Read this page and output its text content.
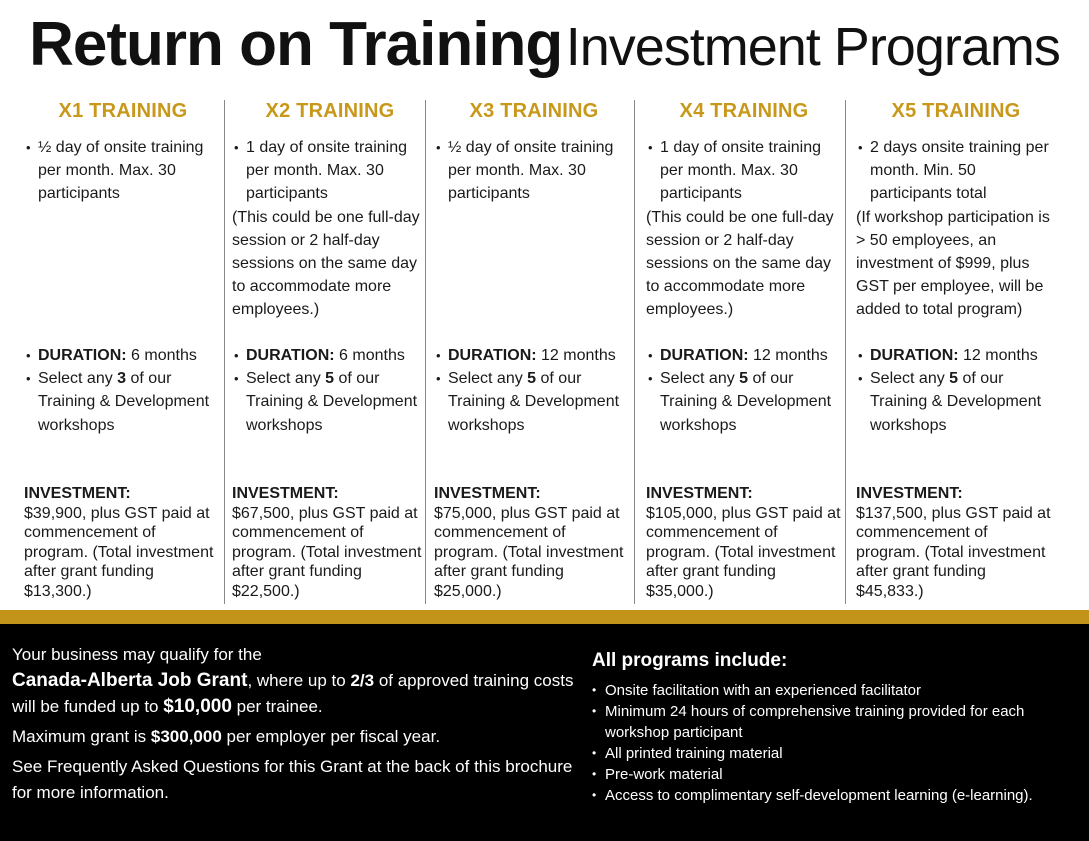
Return on Training Investment Programs
X1 TRAINING
• ½ day of onsite training per month. Max. 30 participants
• DURATION: 6 months
• Select any 3 of our Training & Development workshops
INVESTMENT:
$39,900, plus GST paid at commencement of program. (Total investment after grant funding $13,300.)
X2 TRAINING
• 1 day of onsite training per month. Max. 30 participants
(This could be one full-day session or 2 half-day sessions on the same day to accommodate more employees.)
• DURATION: 6 months
• Select any 5 of our Training & Development workshops
INVESTMENT:
$67,500, plus GST paid at commencement of program. (Total investment after grant funding $22,500.)
X3 TRAINING
• ½ day of onsite training per month. Max. 30 participants
• DURATION: 12 months
• Select any 5 of our Training & Development workshops
INVESTMENT:
$75,000, plus GST paid at commencement of program. (Total investment after grant funding $25,000.)
X4 TRAINING
• 1 day of onsite training per month. Max. 30 participants
(This could be one full-day session or 2 half-day sessions on the same day to accommodate more employees.)
• DURATION: 12 months
• Select any 5 of our Training & Development workshops
INVESTMENT:
$105,000, plus GST paid at commencement of program. (Total investment after grant funding $35,000.)
X5 TRAINING
• 2 days onsite training per month. Min. 50 participants total
(If workshop participation is > 50 employees, an investment of $999, plus GST per employee, will be added to total program)
• DURATION: 12 months
• Select any 5 of our Training & Development workshops
INVESTMENT:
$137,500, plus GST paid at commencement of program. (Total investment after grant funding $45,833.)

Your business may qualify for the

Canada-Alberta Job Grant, where up to 2/3 of approved training costs will be funded up to $10,000 per trainee.

Maximum grant is $300,000 per employer per fiscal year.

See Frequently Asked Questions for this Grant at the back of this brochure for more information.

All programs include:
• Onsite facilitation with an experienced facilitator
• Minimum 24 hours of comprehensive training provided for each workshop participant
• All printed training material
• Pre-work material
• Access to complimentary self-development learning (e-learning).
